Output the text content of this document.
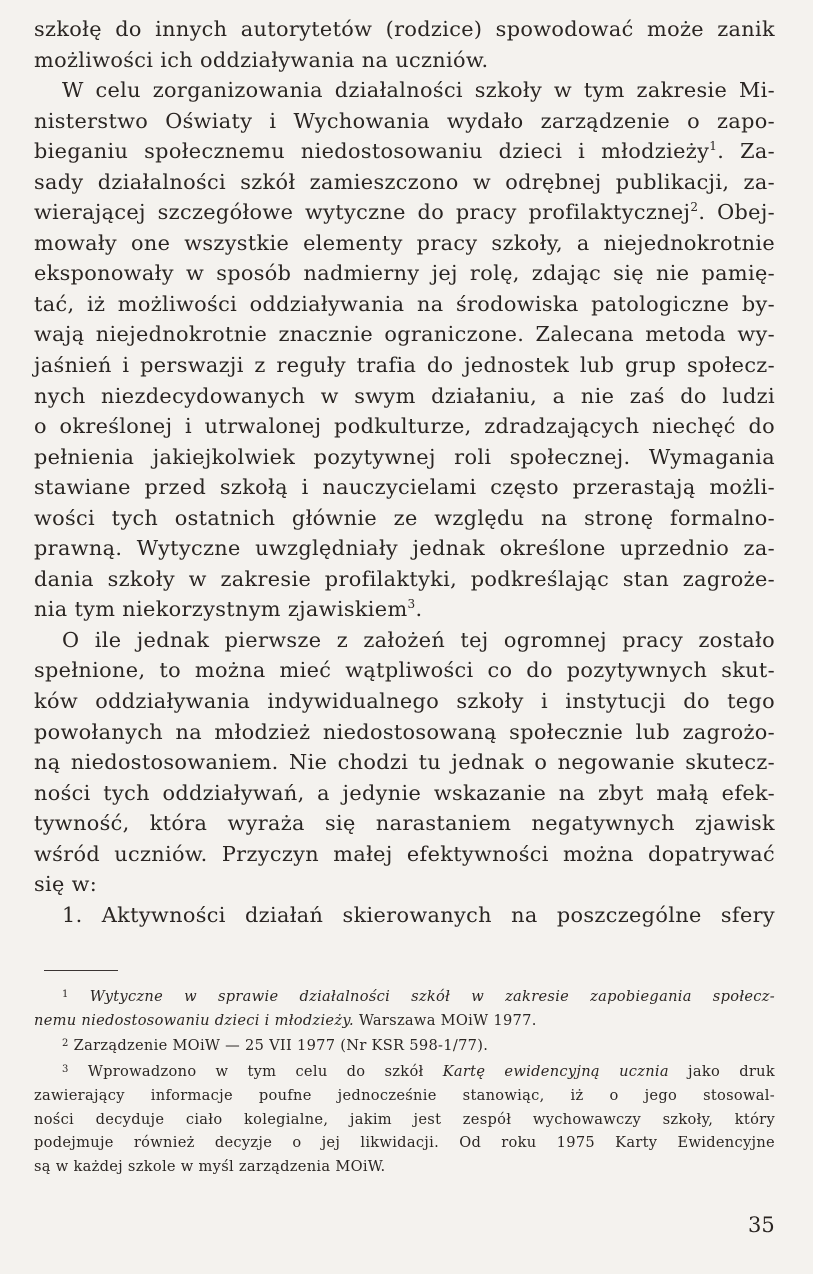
szkołę do innych autorytetów (rodzice) spowodować może zanik
możliwości ich oddziaływania na uczniów.
W celu zorganizowania działalności szkoły w tym zakresie Mi-
nisterstwo Oświaty i Wychowania wydało zarządzenie o zapo-
bieganiu społecznemu niedostosowaniu dzieci i młodzieży$^1$. Za-
sady działalności szkół zamieszczono w odrębnej publikacji, za-
wierającej szczegółowe wytyczne do pracy profilaktycznej$^2$. Obej-
mowały one wszystkie elementy pracy szkoły, a niejednokrotnie
eksponowały w sposób nadmierny jej rolę, zdając się nie pamię-
tać, iż możliwości oddziaływania na środowiska patologiczne by-
wają niejednokrotnie znacznie ograniczone. Zalecana metoda wy-
jaśnień i perswazji z reguły trafia do jednostek lub grup społecz-
nych niezdecydowanych w swym działaniu, a nie zaś do ludzi
o określonej i utrwalonej podkulturze, zdradzających niechęć do
pełnienia jakiejkolwiek pozytywnej roli społecznej. Wymagania
stawiane przed szkołą i nauczycielami często przerastają możli-
wości tych ostatnich głównie ze względu na stronę formalno-
prawną. Wytyczne uwzględniały jednak określone uprzednio za-
dania szkoły w zakresie profilaktyki, podkreślając stan zagroże-
nia tym niekorzystnym zjawiskiem$^3$.
O ile jednak pierwsze z założeń tej ogromnej pracy zostało
spełnione, to można mieć wątpliwości co do pozytywnych skut-
ków oddziaływania indywidualnego szkoły i instytucji do tego
powołanych na młodzież niedostosowaną społecznie lub zagrożo-
ną niedostosowaniem. Nie chodzi tu jednak o negowanie skutecz-
ności tych oddziaływań, a jedynie wskazanie na zbyt małą efek-
tywność, która wyraża się narastaniem negatywnych zjawisk
wśród uczniów. Przyczyn małej efektywności można dopatrywać
się w:
1. Aktywności działań skierowanych na poszczególne sfery
$^1$ Wytyczne w sprawie działalności szkół w zakresie zapobiegania społecz-
nemu niedostosowaniu dzieci i młodzieży. Warszawa MOiW 1977.
$^2$ Zarządzenie MOiW — 25 VII 1977 (Nr KSR 598-1/77).
$^3$ Wprowadzono w tym celu do szkół Kartę ewidencyjną ucznia jako druk
zawierający informacje poufne jednocześnie stanowiąc, iż o jego stosowal-
ności decyduje ciało kolegialne, jakim jest zespół wychowawczy szkoły, który
podejmuje również decyzje o jej likwidacji. Od roku 1975 Karty Ewidencyjne
są w każdej szkole w myśl zarządzenia MOiW.
35
